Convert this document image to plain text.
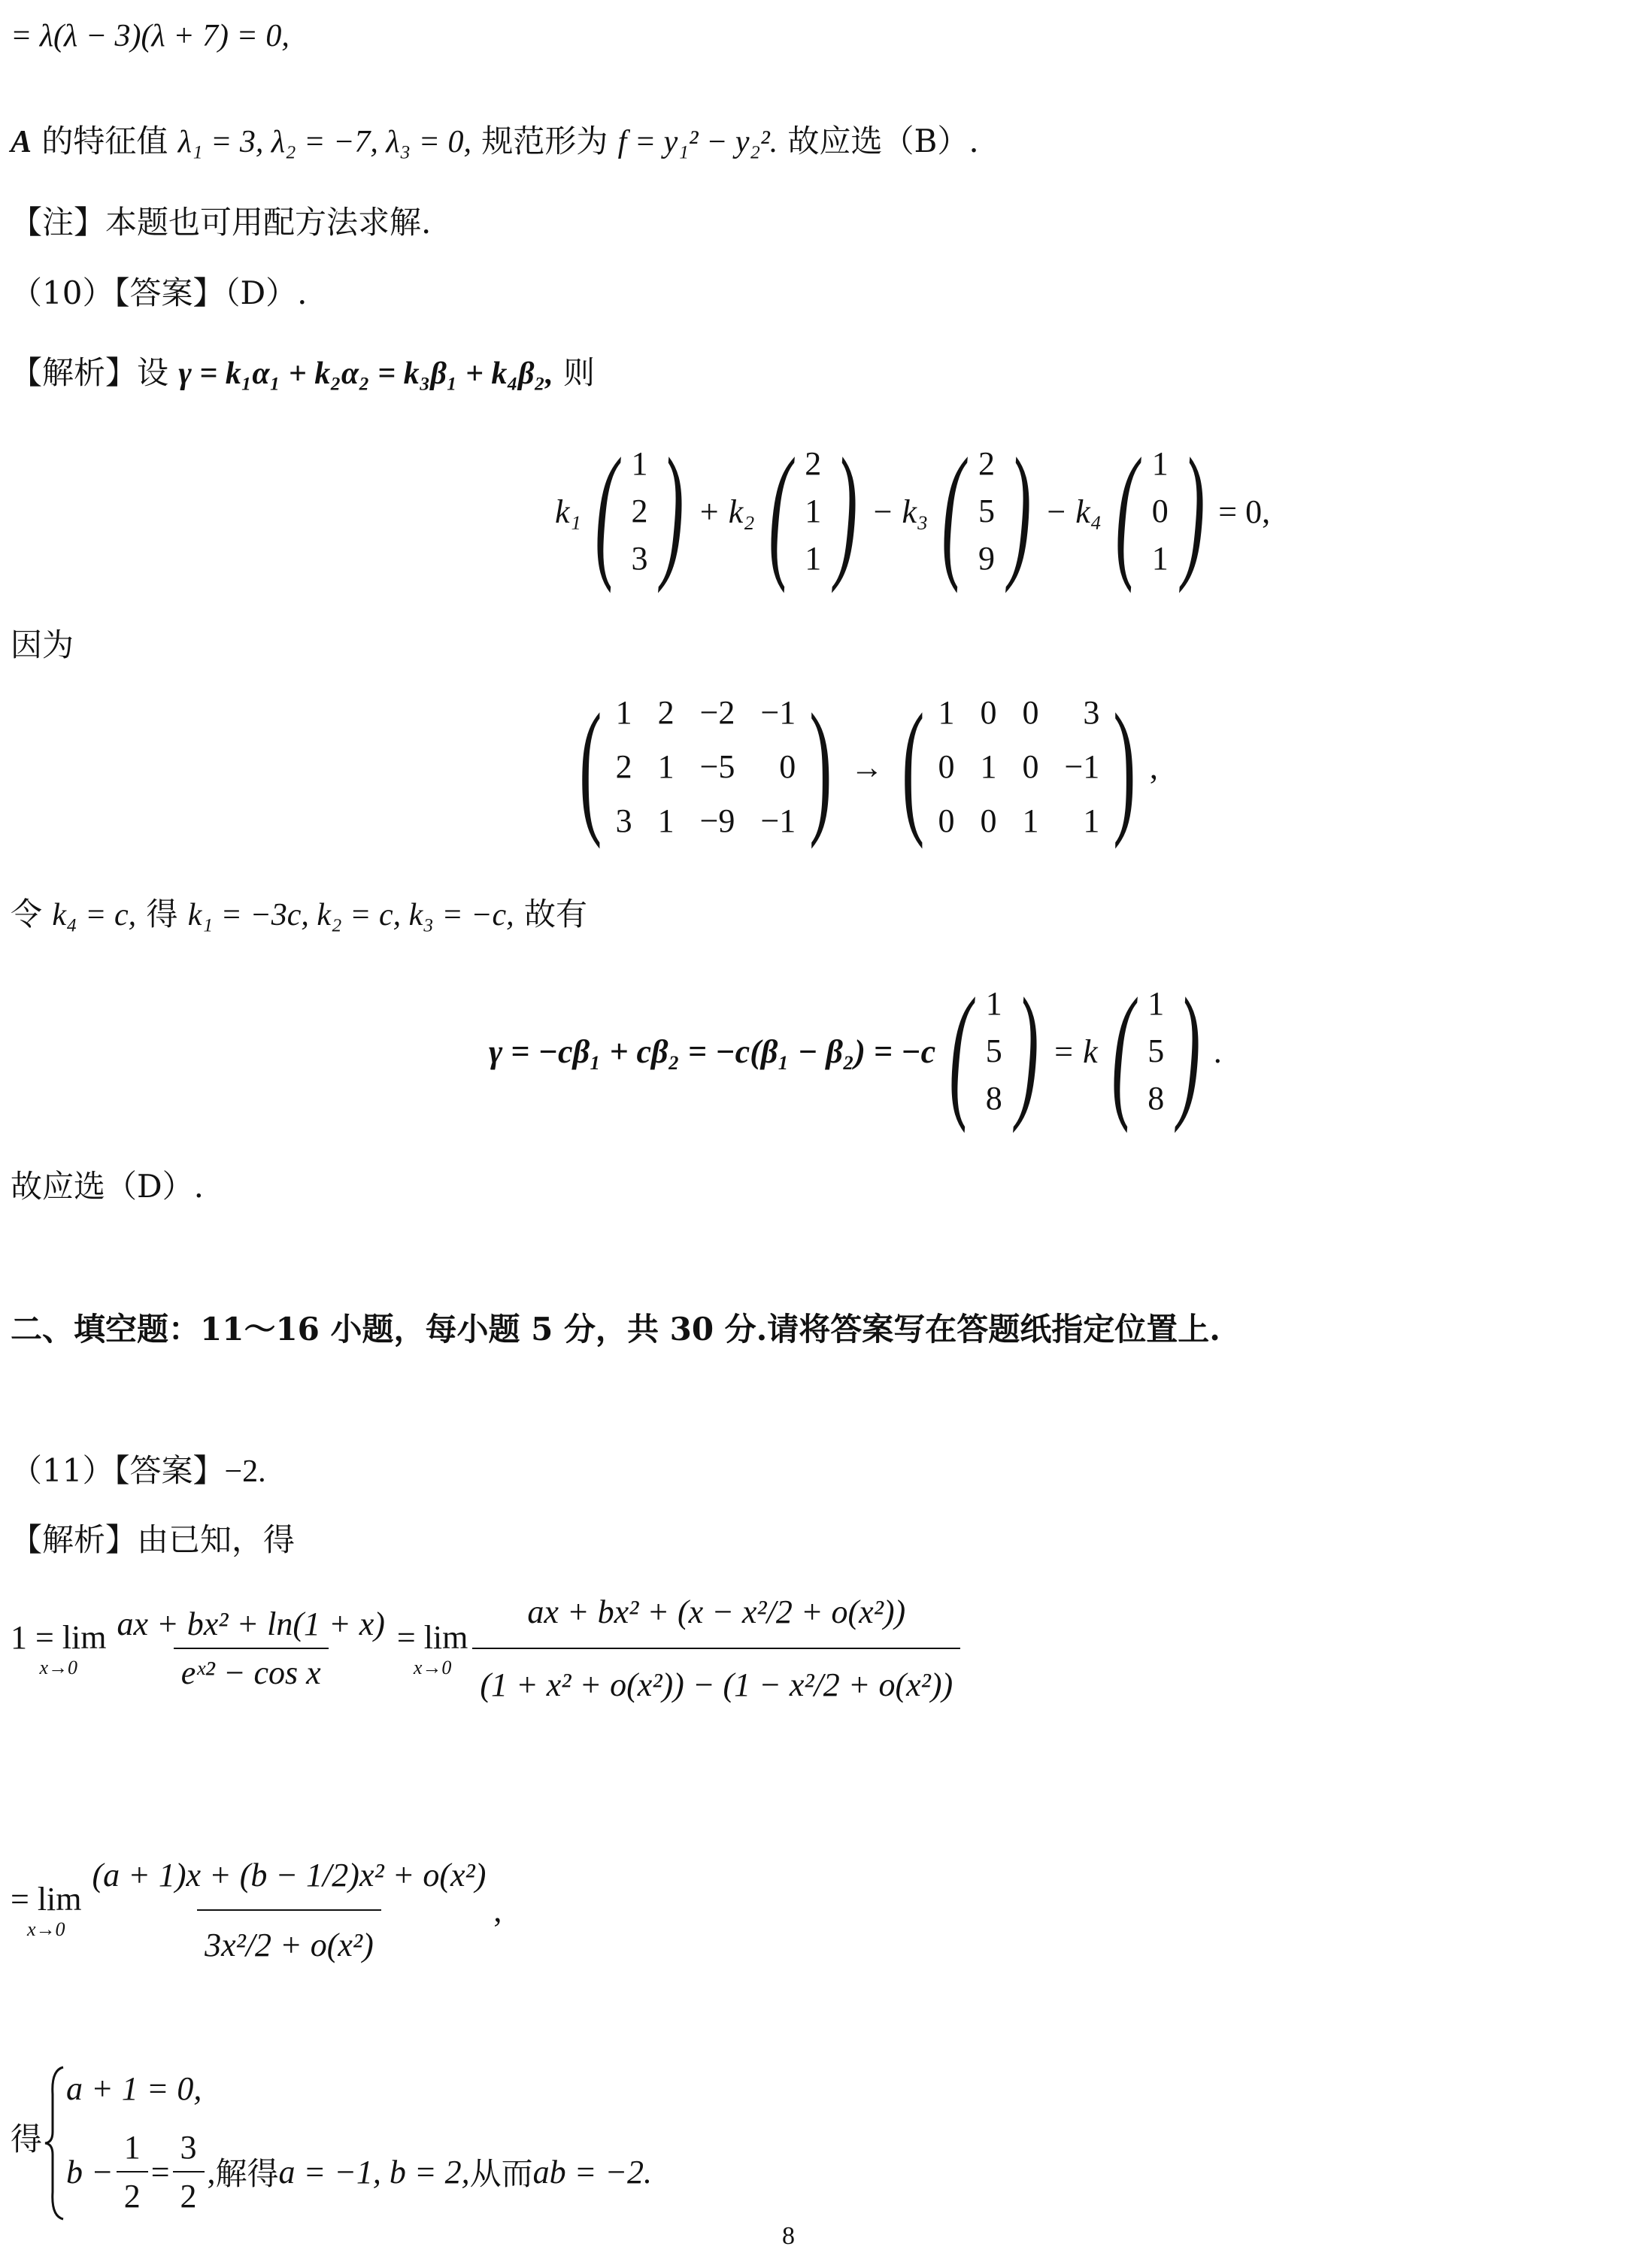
= λ(λ − 3)(λ + 7) = 0,
A 的特征值 λ₁ = 3, λ₂ = −7, λ₃ = 0, 规范形为 f = y₁² − y₂². 故应选（B）.
【注】本题也可用配方法求解.
（10）【答案】（D）.
【解析】设 γ = k₁α₁ + k₂α₂ = k₃β₁ + k₄β₂, 则
k₁ ( 1
2
3 ) + k₂ ( 2
1
1 ) − k₃ ( 2
5
9 ) − k₄ ( 1
0
1 ) = 0,
因为
( 1 2 −2 −1
2 1 −5	0
3 1 −9 −1 ) → ( 1 0 0	3
0 1 0 −1
0 0 1	1 ) ,
令 k₄ = c, 得 k₁ = −3c, k₂ = c, k₃ = −c, 故有
γ = −cβ₁ + cβ₂ = −c(β₁ − β₂) = −c ( 1
5
8 ) = k ( 1
5
8 ) .
故应选（D）.
二、填空题：11～16 小题，每小题 5 分，共 30 分.请将答案写在答题纸指定位置上.
（11）【答案】−2.
【解析】由已知，得
1 = lim
$x\to 0 \frac{\text{ax + bx² + ln(1 + x)}}{\text{eˣ² − cos x}} = \lim$
$x\to 0 \frac{\text{ax + bx² + (x − x²/2 + o(x²))}}{\text{(1 + x² + o(x²)) − (1 − x²/2 + o(x²))}}$
= lim
$x\to 0 \frac{\text{(a + 1)x + (b − 1/2)x² + o(x²)}}{\text{3x²/2 + o(x²)}}$ ,
得
a + 1 = 0,
$b - \frac{1}{2} = \frac{3}{2}$ , 解得 a = −1, b = 2, 从而 ab = −2.
8
